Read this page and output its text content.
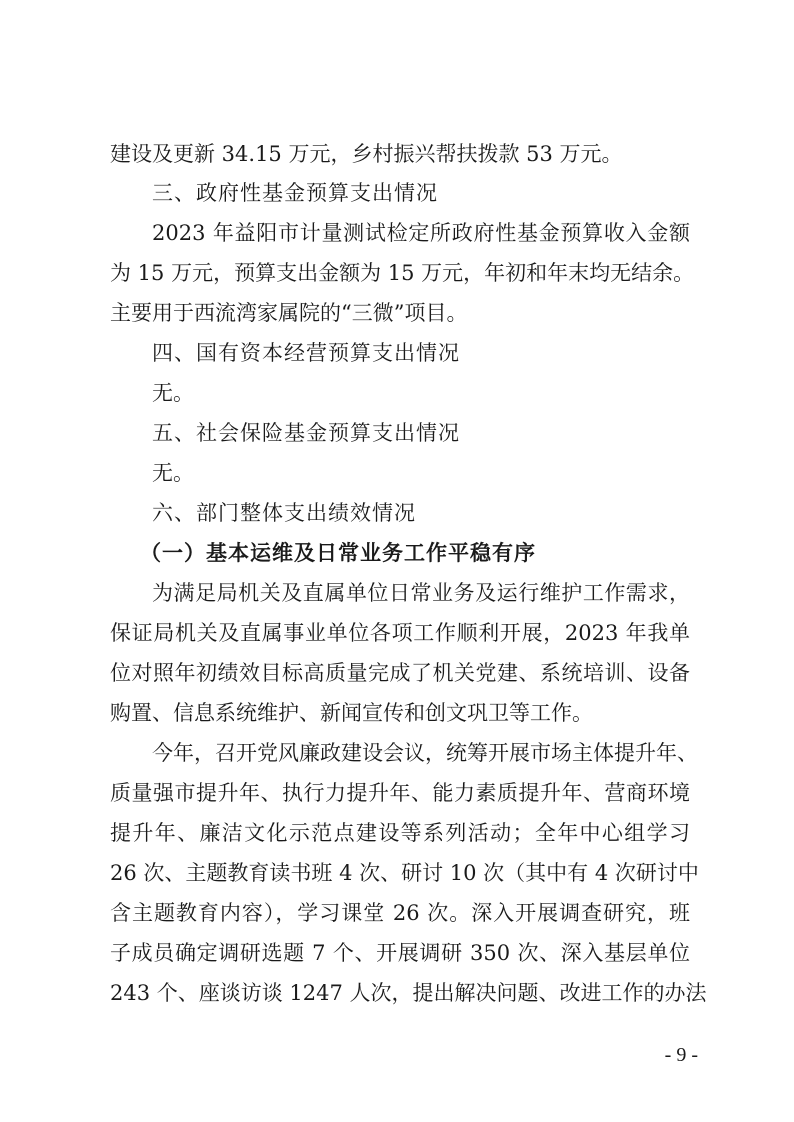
建设及更新 34.15 万元，乡村振兴帮扶拨款 53 万元。
三、政府性基金预算支出情况
2023 年益阳市计量测试检定所政府性基金预算收入金额
为 15 万元，预算支出金额为 15 万元，年初和年末均无结余。
主要用于西流湾家属院的“三微”项目。
四、国有资本经营预算支出情况
无。
五、社会保险基金预算支出情况
无。
六、部门整体支出绩效情况
（一）基本运维及日常业务工作平稳有序
为满足局机关及直属单位日常业务及运行维护工作需求，
保证局机关及直属事业单位各项工作顺利开展，2023 年我单
位对照年初绩效目标高质量完成了机关党建、系统培训、设备
购置、信息系统维护、新闻宣传和创文巩卫等工作。
今年，召开党风廉政建设会议，统筹开展市场主体提升年、
质量强市提升年、执行力提升年、能力素质提升年、营商环境
提升年、廉洁文化示范点建设等系列活动；全年中心组学习
26 次、主题教育读书班 4 次、研讨 10 次（其中有 4 次研讨中
含主题教育内容），学习课堂 26 次。深入开展调查研究，班
子成员确定调研选题 7 个、开展调研 350 次、深入基层单位
243 个、座谈访谈 1247 人次，提出解决问题、改进工作的办法
- 9 -
